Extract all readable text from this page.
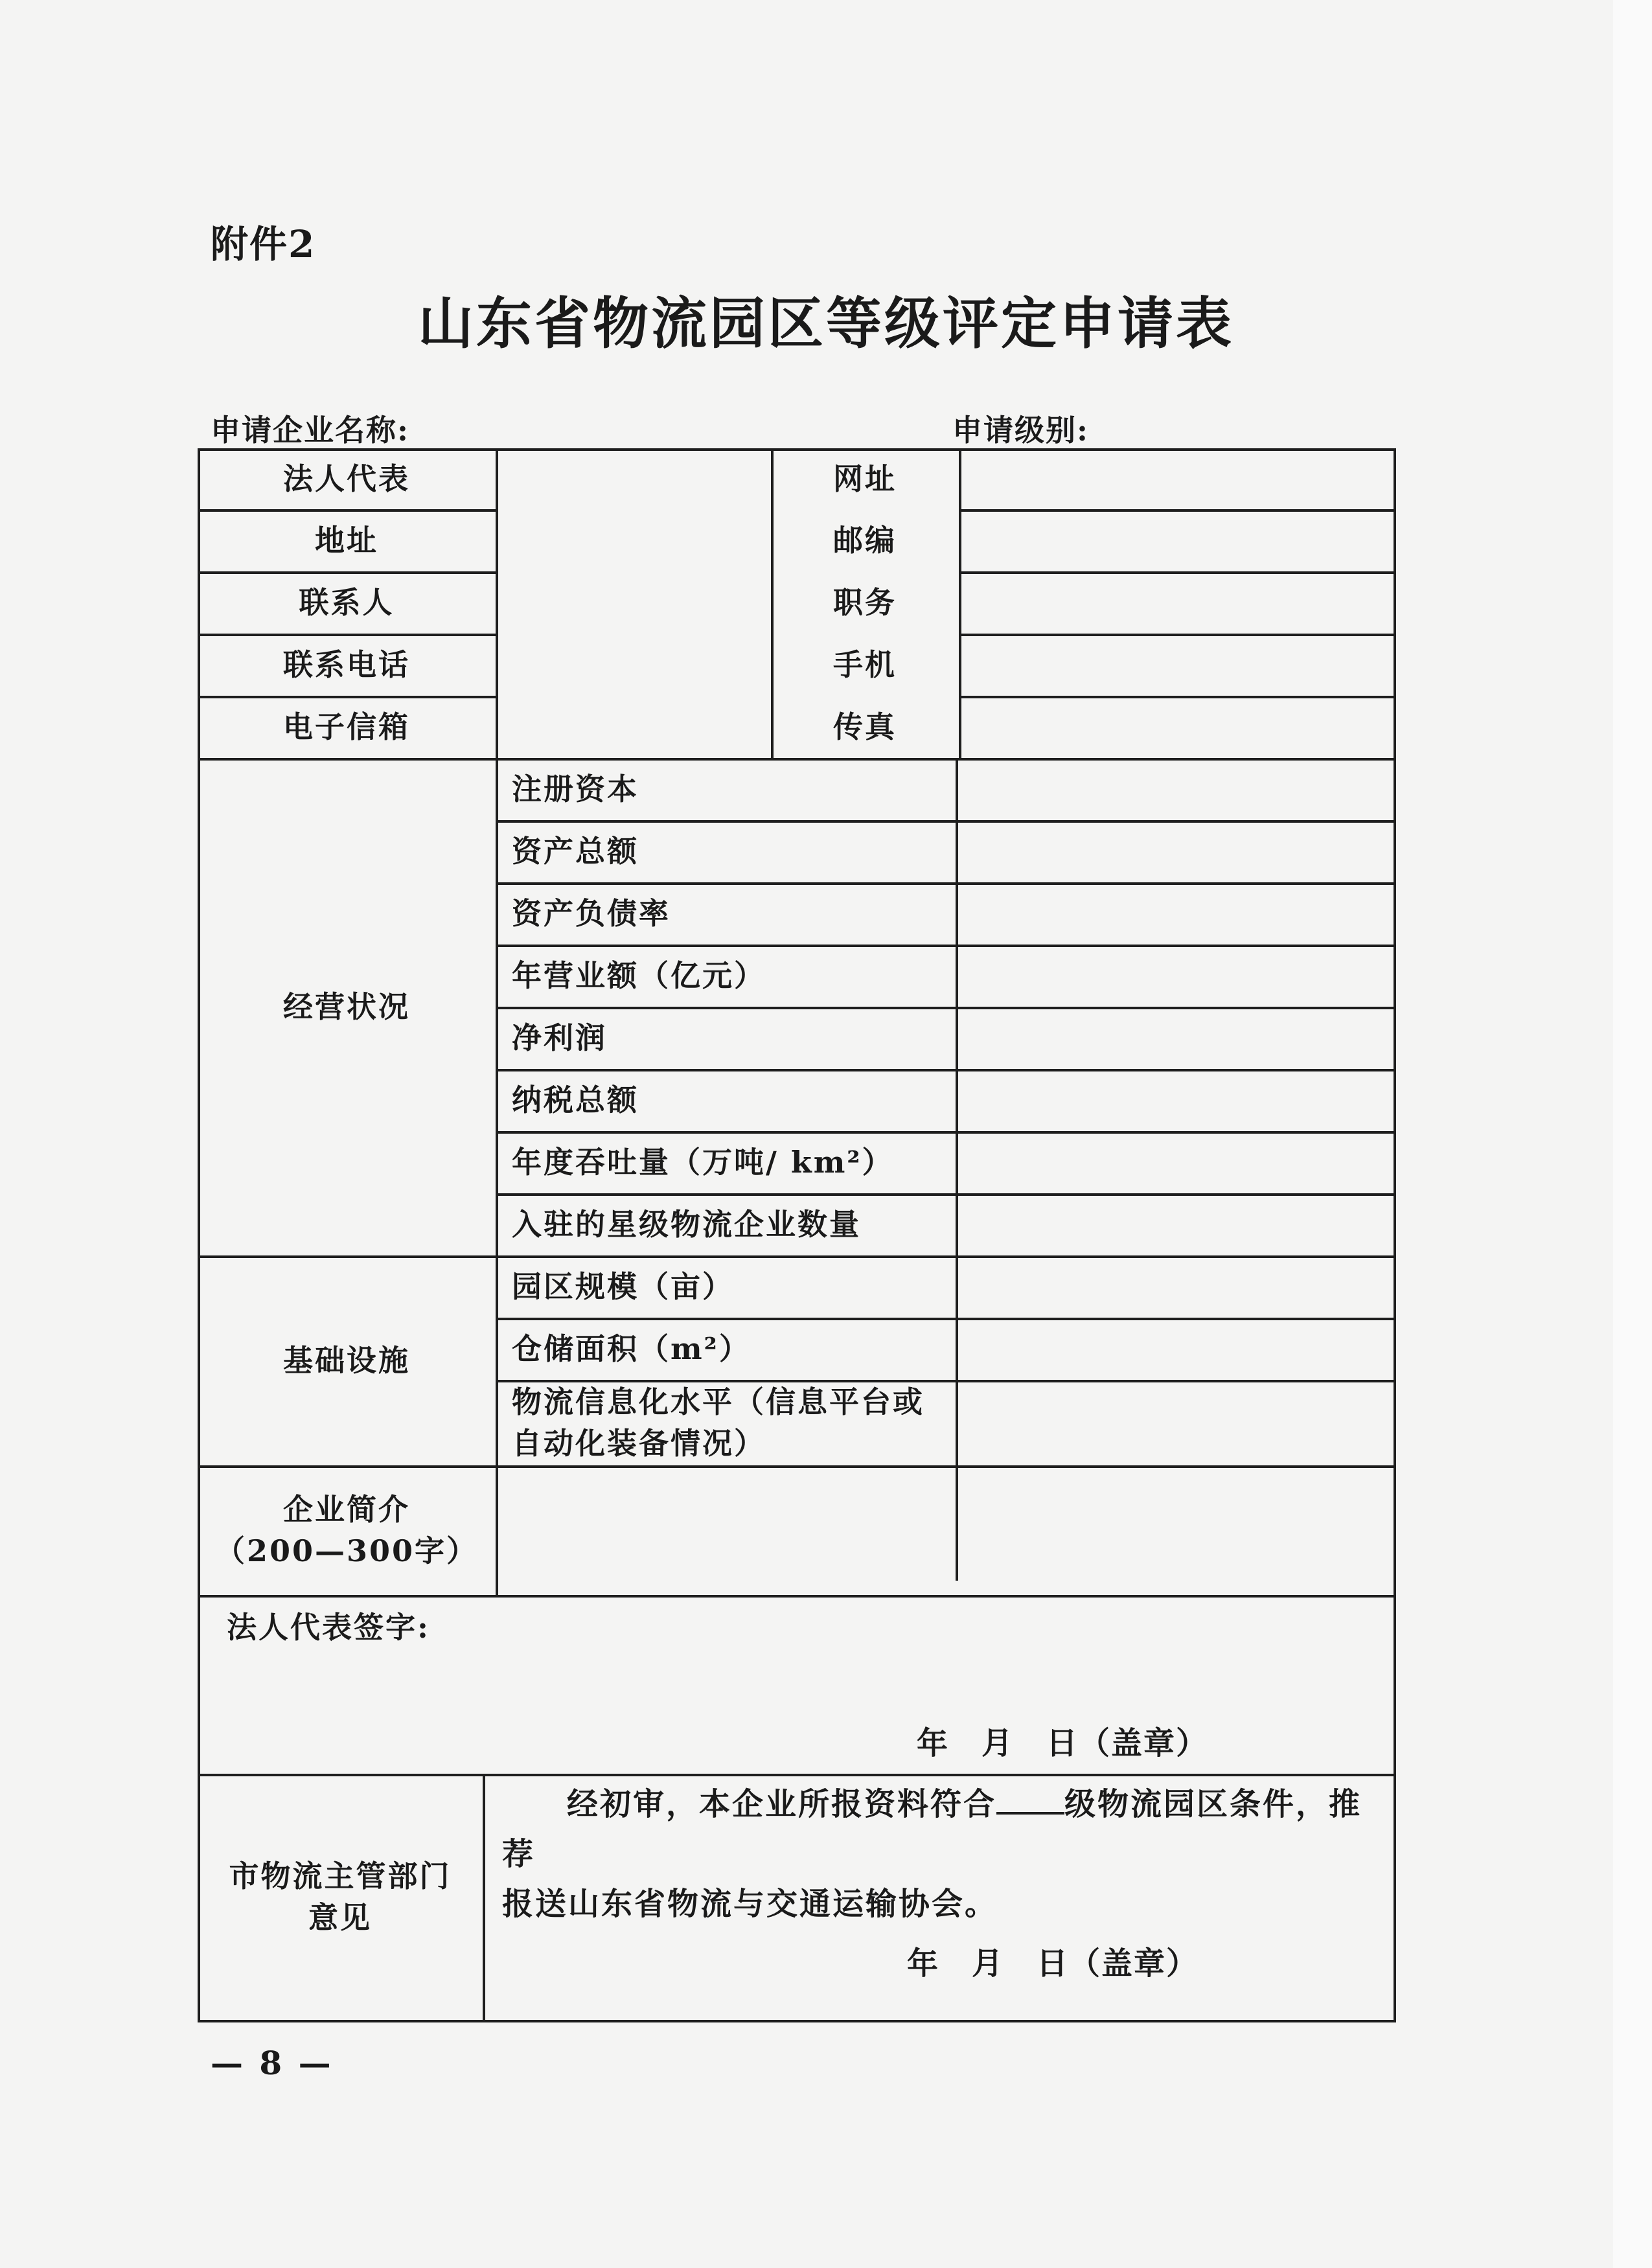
附件2
山东省物流园区等级评定申请表
申请企业名称:	申请级别:
法人代表
地址
联系人
联系电话
电子信箱
网址
邮编
职务
手机
传真
经营状况
注册资本
资产总额
资产负债率
年营业额（亿元）
净利润
纳税总额
年度吞吐量（万吨/ km²）
入驻的星级物流企业数量
基础设施
园区规模（亩）
仓储面积（m²）
物流信息化水平（信息平台或
自动化装备情况）
企业简介
（200—300字）
法人代表签字:
年　月　日（盖章）
市物流主管部门
意见
经初审，本企业所报资料符合 级物流园区条件，推荐
报送山东省物流与交通运输协会。
年　月　日（盖章）
— 8 —
